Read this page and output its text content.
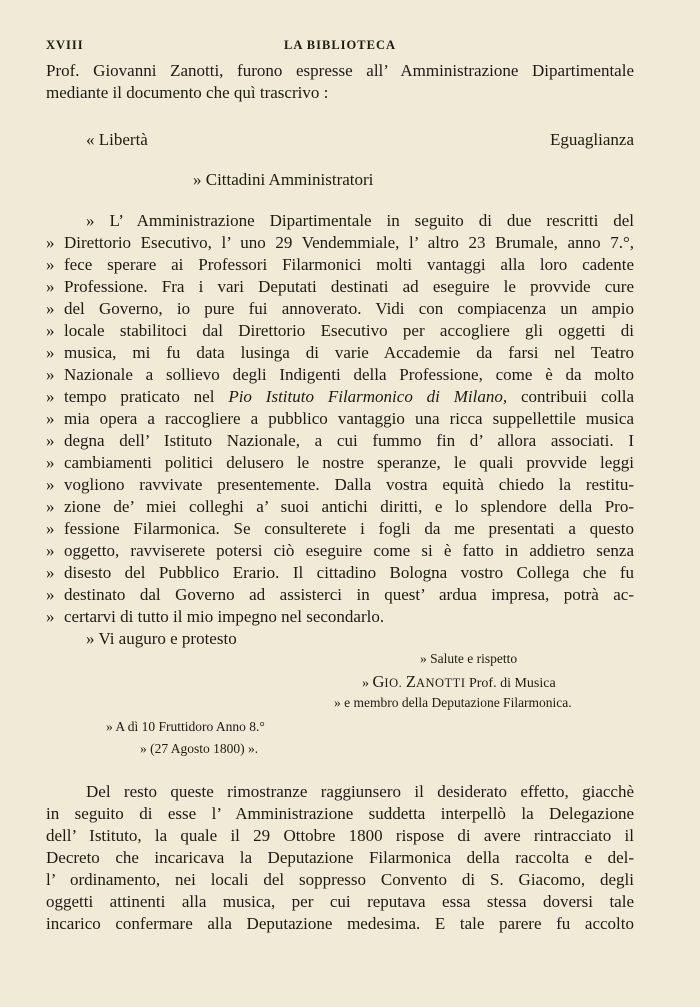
XVIII	LA BIBLIOTECA
Prof. Giovanni Zanotti, furono espresse all’ Amministrazione Dipartimentale
mediante il documento che quì trascrivo :
« Libertà	Eguaglianza
» Cittadini Amministratori
» L’ Amministrazione Dipartimentale in seguito di due rescritti del
» Direttorio Esecutivo, l’ uno 29 Vendemmiale, l’ altro 23 Brumale, anno 7.°,
» fece sperare ai Professori Filarmonici molti vantaggi alla loro cadente
» Professione. Fra i vari Deputati destinati ad eseguire le provvide cure
» del Governo, io pure fui annoverato. Vidi con compiacenza un ampio
» locale stabilitoci dal Direttorio Esecutivo per accogliere gli oggetti di
» musica, mi fu data lusinga di varie Accademie da farsi nel Teatro
» Nazionale a sollievo degli Indigenti della Professione, come è da molto
» tempo praticato nel Pio Istituto Filarmonico di Milano, contribuii colla
» mia opera a raccogliere a pubblico vantaggio una ricca suppellettile musica
» degna dell’ Istituto Nazionale, a cui fummo fin d’ allora associati. I
» cambiamenti politici delusero le nostre speranze, le quali provvide leggi
» vogliono ravvivate presentemente. Dalla vostra equità chiedo la restitu-
» zione de’ miei colleghi a’ suoi antichi diritti, e lo splendore della Pro-
» fessione Filarmonica. Se consulterete i fogli da me presentati a questo
» oggetto, ravviserete potersi ciò eseguire come si è fatto in addietro senza
» disesto del Pubblico Erario. Il cittadino Bologna vostro Collega che fu
» destinato dal Governo ad assisterci in quest’ ardua impresa, potrà ac-
» certarvi di tutto il mio impegno nel secondarlo.
» Vi auguro e protesto
» Salute e rispetto
» GIO. ZANOTTI Prof. di Musica
» e membro della Deputazione Filarmonica.
» A dì 10 Fruttidoro Anno 8.°
» (27 Agosto 1800) ».
Del resto queste rimostranze raggiunsero il desiderato effetto, giacchè
in seguito di esse l’ Amministrazione suddetta interpellò la Delegazione
dell’ Istituto, la quale il 29 Ottobre 1800 rispose di avere rintracciato il
Decreto che incaricava la Deputazione Filarmonica della raccolta e del-
l’ ordinamento, nei locali del soppresso Convento di S. Giacomo, degli
oggetti attinenti alla musica, per cui reputava essa stessa doversi tale
incarico confermare alla Deputazione medesima. E tale parere fu accolto
